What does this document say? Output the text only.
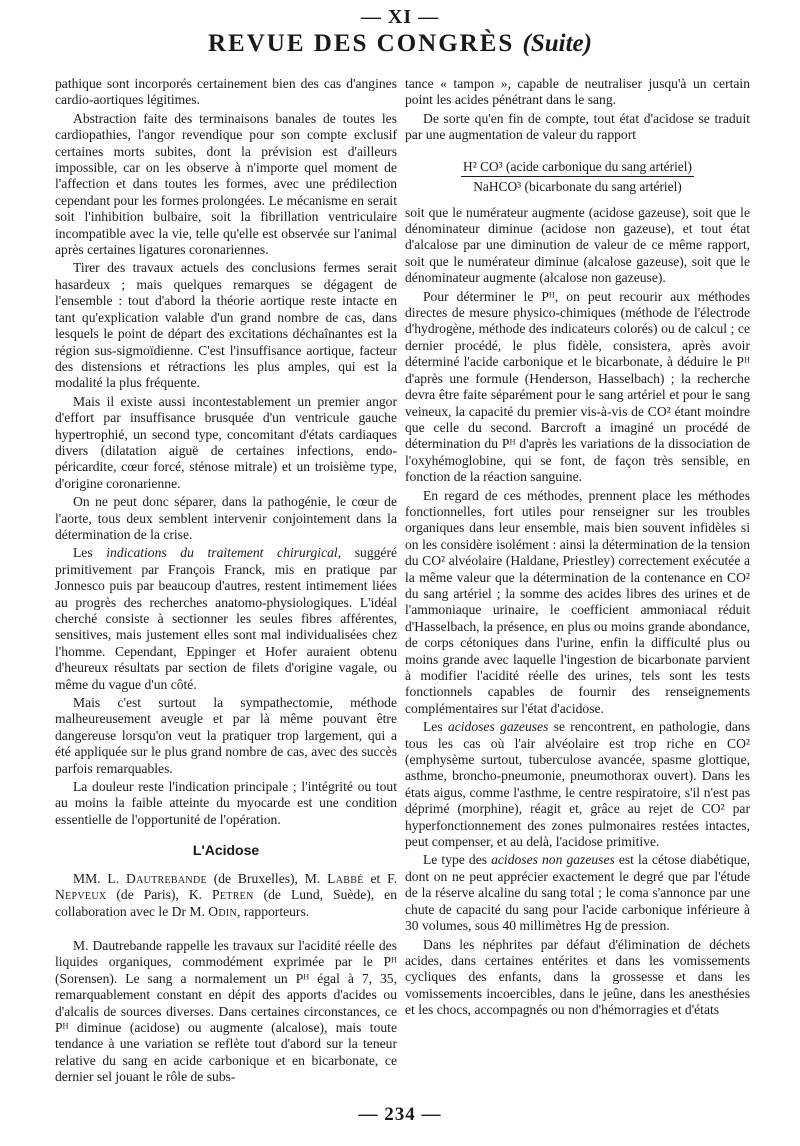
— XI —
REVUE DES CONGRÈS (Suite)

pathique sont incorporés certainement bien des cas d'angines cardio-aortiques légitimes.

Abstraction faite des terminaisons banales de toutes les cardiopathies, l'angor revendique pour son compte exclusif certaines morts subites, dont la prévision est d'ailleurs impossible, car on les observe à n'importe quel moment de l'affection et dans toutes les formes, avec une prédilection cependant pour les formes prolongées. Le mécanisme en serait soit l'inhibition bulbaire, soit la fibrillation ventriculaire incompatible avec la vie, telle qu'elle est observée sur l'animal après certaines ligatures coronariennes.

Tirer des travaux actuels des conclusions fermes serait hasardeux ; mais quelques remarques se dégagent de l'ensemble : tout d'abord la théorie aortique reste intacte en tant qu'explication valable d'un grand nombre de cas, dans lesquels le point de départ des excitations déchaînantes est la région sus-sigmoïdienne. C'est l'insuffisance aortique, facteur des distensions et rétractions les plus amples, qui est la modalité la plus fréquente.

Mais il existe aussi incontestablement un premier angor d'effort par insuffisance brusquée d'un ventricule gauche hypertrophié, un second type, concomitant d'états cardiaques divers (dilatation aiguë de certaines infections, endo-péricardite, cœur forcé, sténose mitrale) et un troisième type, d'origine coronarienne.

On ne peut donc séparer, dans la pathogénie, le cœur de l'aorte, tous deux semblent intervenir conjointement dans la détermination de la crise.

Les indications du traitement chirurgical, suggéré primitivement par François Franck, mis en pratique par Jonnesco puis par beaucoup d'autres, restent intimement liées au progrès des recherches anatomo-physiologiques. L'idéal cherché consiste à sectionner les seules fibres afférentes, sensitives, mais justement elles sont mal individualisées chez l'homme. Cependant, Eppinger et Hofer auraient obtenu d'heureux résultats par section de filets d'origine vagale, ou même du vague d'un côté.

Mais c'est surtout la sympathectomie, méthode malheureusement aveugle et par là même pouvant être dangereuse lorsqu'on veut la pratiquer trop largement, qui a été appliquée sur le plus grand nombre de cas, avec des succès parfois remarquables.

La douleur reste l'indication principale ; l'intégrité ou tout au moins la faible atteinte du myocarde est une condition essentielle de l'opportunité de l'opération.

L'Acidose

MM. L. Dautrebande (de Bruxelles), M. Labbé et F. Nepveux (de Paris), K. Petren (de Lund, Suède), en collaboration avec le Dr M. Odin, rapporteurs.

M. Dautrebande rappelle les travaux sur l'acidité réelle des liquides organiques, commodément exprimée par le Pᴴ (Sorensen). Le sang a normalement un Pᴴ égal à 7, 35, remarquablement constant en dépit des apports d'acides ou d'alcalis de sources diverses. Dans certaines circonstances, ce Pᴴ diminue (acidose) ou augmente (alcalose), mais toute tendance à une variation se reflète tout d'abord sur la teneur relative du sang en acide carbonique et en bicarbonate, ce dernier sel jouant le rôle de subs-

tance « tampon », capable de neutraliser jusqu'à un certain point les acides pénétrant dans le sang.

De sorte qu'en fin de compte, tout état d'acidose se traduit par une augmentation de valeur du rapport

H² CO³ (acide carbonique du sang artériel)
NaHCO³ (bicarbonate du sang artériel)

soit que le numérateur augmente (acidose gazeuse), soit que le dénominateur diminue (acidose non gazeuse), et tout état d'alcalose par une diminution de valeur de ce même rapport, soit que le numérateur diminue (alcalose gazeuse), soit que le dénominateur augmente (alcalose non gazeuse).

Pour déterminer le Pᴴ, on peut recourir aux méthodes directes de mesure physico-chimiques (méthode de l'électrode d'hydrogène, méthode des indicateurs colorés) ou de calcul ; ce dernier procédé, le plus fidèle, consistera, après avoir déterminé l'acide carbonique et le bicarbonate, à déduire le Pᴴ d'après une formule (Henderson, Hasselbach) ; la recherche devra être faite séparément pour le sang artériel et pour le sang veineux, la capacité du premier vis-à-vis de CO² étant moindre que celle du second. Barcroft a imaginé un procédé de détermination du Pᴴ d'après les variations de la dissociation de l'oxyhémoglobine, qui se font, de façon très sensible, en fonction de la réaction sanguine.

En regard de ces méthodes, prennent place les méthodes fonctionnelles, fort utiles pour renseigner sur les troubles organiques dans leur ensemble, mais bien souvent infidèles si on les considère isolément : ainsi la détermination de la tension du CO² alvéolaire (Haldane, Priestley) correctement exécutée a la même valeur que la détermination de la contenance en CO² du sang artériel ; la somme des acides libres des urines et de l'ammoniaque urinaire, le coefficient ammoniacal réduit d'Hasselbach, la présence, en plus ou moins grande abondance, de corps cétoniques dans l'urine, enfin la difficulté plus ou moins grande avec laquelle l'ingestion de bicarbonate parvient à modifier l'acidité réelle des urines, tels sont les tests fonctionnels capables de fournir des renseignements complémentaires sur l'état d'acidose.

Les acidoses gazeuses se rencontrent, en pathologie, dans tous les cas où l'air alvéolaire est trop riche en CO² (emphysème surtout, tuberculose avancée, spasme glottique, asthme, broncho-pneumonie, pneumothorax ouvert). Dans les états aigus, comme l'asthme, le centre respiratoire, s'il n'est pas déprimé (morphine), réagit et, grâce au rejet de CO² par hyperfonctionnement des zones pulmonaires restées intactes, peut compenser, et au delà, l'acidose primitive.

Le type des acidoses non gazeuses est la cétose diabétique, dont on ne peut apprécier exactement le degré que par l'étude de la réserve alcaline du sang total ; le coma s'annonce par une chute de capacité du sang pour l'acide carbonique inférieure à 30 volumes, sous 40 millimètres Hg de pression.

Dans les néphrites par défaut d'élimination de déchets acides, dans certaines entérites et dans les vomissements cycliques des enfants, dans la grossesse et dans les vomissements incoercibles, dans le jeûne, dans les anesthésies et les chocs, accompagnés ou non d'hémorragies et d'états

— 234 —
